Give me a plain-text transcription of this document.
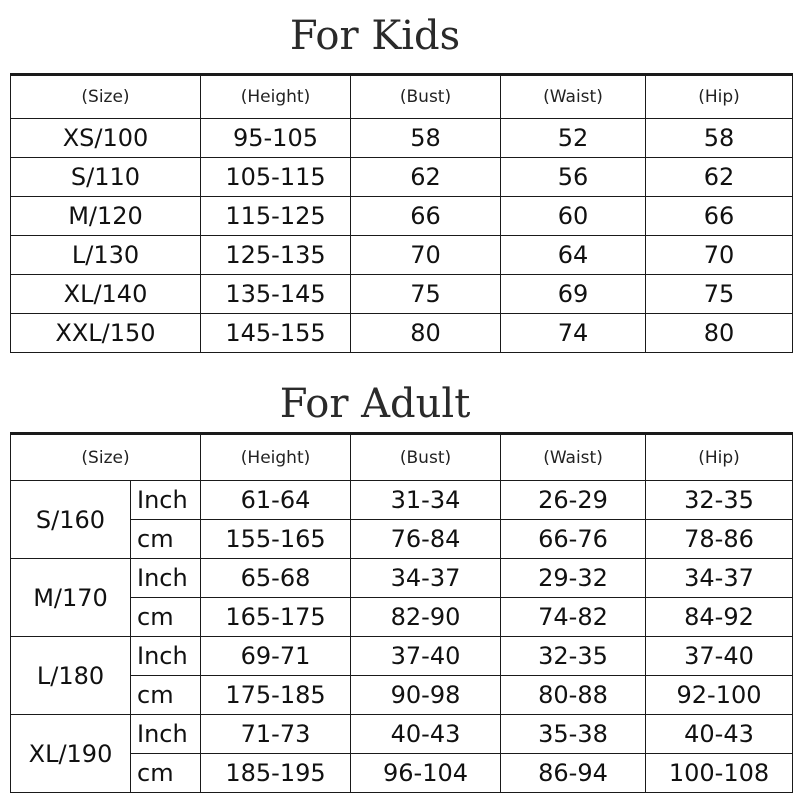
For Kids
(Size)	(Height)	(Bust)	(Waist)	(Hip)
XS/100	95-105	58	52	58
S/110	105-115	62	56	62
M/120	115-125	66	60	66
L/130	125-135	70	64	70
XL/140	135-145	75	69	75
XXL/150	145-155	80	74	80
For Adult
(Size)		(Height)	(Bust)	(Waist)	(Hip)
S/160	Inch	61-64	31-34	26-29	32-35
	cm	155-165	76-84	66-76	78-86
M/170	Inch	65-68	34-37	29-32	34-37
	cm	165-175	82-90	74-82	84-92
L/180	Inch	69-71	37-40	32-35	37-40
	cm	175-185	90-98	80-88	92-100
XL/190	Inch	71-73	40-43	35-38	40-43
	cm	185-195	96-104	86-94	100-108
